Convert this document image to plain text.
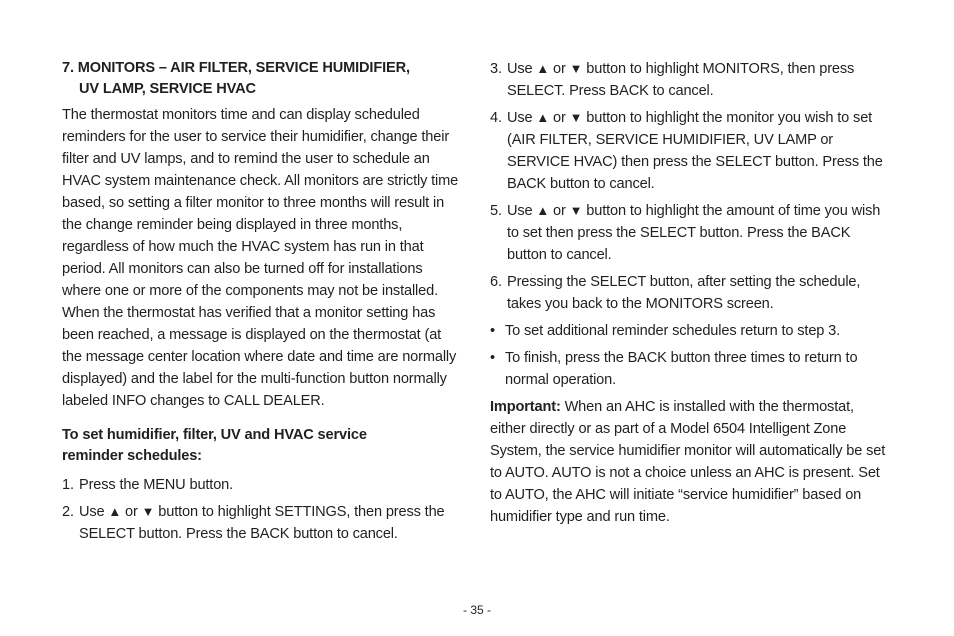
7. MONITORS – AIR FILTER, SERVICE HUMIDIFIER,
UV LAMP, SERVICE HVAC

The thermostat monitors time and can display scheduled reminders for the user to service their humidifier, change their filter and UV lamps, and to remind the user to schedule an HVAC system maintenance check. All monitors are strictly time based, so setting a filter monitor to three months will result in the change reminder being displayed in three months, regardless of how much the HVAC system has run in that period. All monitors can also be turned off for installations where one or more of the components may not be installed. When the thermostat has verified that a monitor setting has been reached, a message is displayed on the thermostat (at the message center location where date and time are normally displayed) and the label for the multi-function button normally labeled INFO changes to CALL DEALER.

To set humidifier, filter, UV and HVAC service
reminder schedules:
1. Press the MENU button.
2. Use ▲ or ▼ button to highlight SETTINGS, then press the SELECT button. Press the BACK button to cancel.
3. Use ▲ or ▼ button to highlight MONITORS, then press SELECT. Press BACK to cancel.
4. Use ▲ or ▼ button to highlight the monitor you wish to set (AIR FILTER, SERVICE HUMIDIFIER, UV LAMP or SERVICE HVAC) then press the SELECT button. Press the BACK button to cancel.
5. Use ▲ or ▼ button to highlight the amount of time you wish to set then press the SELECT button. Press the BACK button to cancel.
6. Pressing the SELECT button, after setting the schedule, takes you back to the MONITORS screen.
• To set additional reminder schedules return to step 3.
• To finish, press the BACK button three times to return to normal operation.

Important: When an AHC is installed with the thermostat, either directly or as part of a Model 6504 Intelligent Zone System, the service humidifier monitor will automatically be set to AUTO. AUTO is not a choice unless an AHC is present. Set to AUTO, the AHC will initiate “service humidifier” based on humidifier type and run time.

- 35 -
